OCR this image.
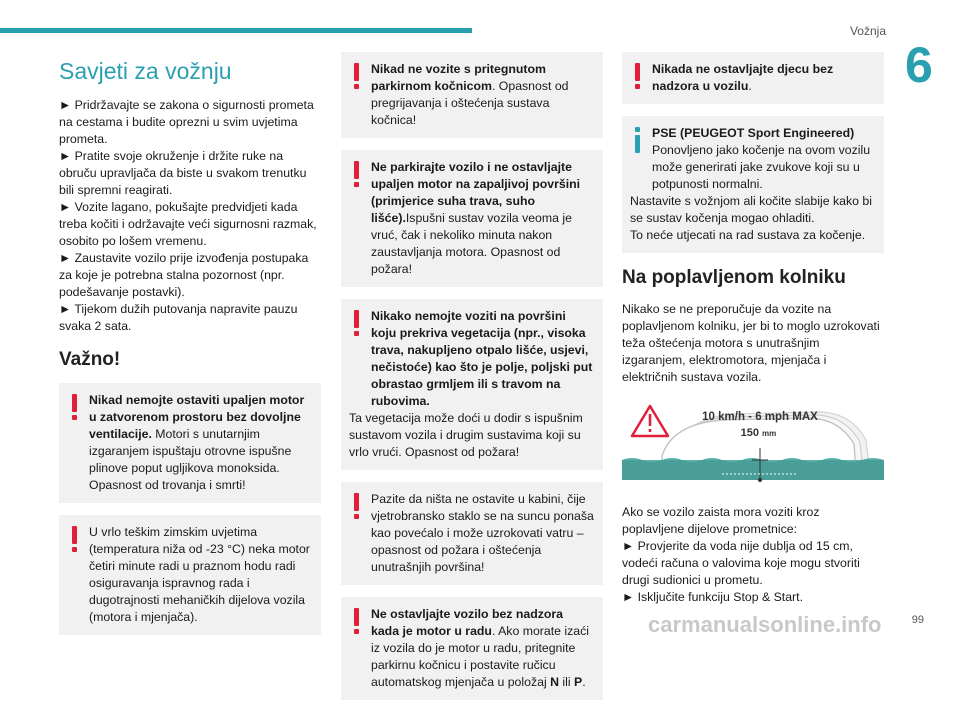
Vožnja
6
Savjeti za vožnju

► Pridržavajte se zakona o sigurnosti prometa na cestama i budite oprezni u svim uvjetima prometa.

► Pratite svoje okruženje i držite ruke na obruču upravljača da biste u svakom trenutku bili spremni reagirati.

► Vozite lagano, pokušajte predvidjeti kada treba kočiti i održavajte veći sigurnosni razmak, osobito po lošem vremenu.

► Zaustavite vozilo prije izvođenja postupaka za koje je potrebna stalna pozornost (npr. podešavanje postavki).

► Tijekom dužih putovanja napravite pauzu svaka 2 sata.

Važno!

Nikad nemojte ostaviti upaljen motor u zatvorenom prostoru bez dovoljne ventilacije. Motori s unutarnjim izgaranjem ispuštaju otrovne ispušne plinove poput ugljikova monoksida. Opasnost od trovanja i smrti!

U vrlo teškim zimskim uvjetima (temperatura niža od -23 °C) neka motor četiri minute radi u praznom hodu radi osiguravanja ispravnog rada i dugotrajnosti mehaničkih dijelova vozila (motora i mjenjača).

Nikad ne vozite s pritegnutom parkirnom kočnicom. Opasnost od pregrijavanja i oštećenja sustava kočnica!

Ne parkirajte vozilo i ne ostavljajte upaljen motor na zapaljivoj površini (primjerice suha trava, suho lišće).Ispušni sustav vozila veoma je vruć, čak i nekoliko minuta nakon zaustavljanja motora. Opasnost od požara!

Nikako nemojte voziti na površini koju prekriva vegetacija (npr., visoka trava, nakupljeno otpalo lišće, usjevi, nečistoće) kao što je polje, poljski put obrastao grmljem ili s travom na rubovima.
Ta vegetacija može doći u dodir s ispušnim sustavom vozila i drugim sustavima koji su vrlo vrući. Opasnost od požara!

Pazite da ništa ne ostavite u kabini, čije vjetrobransko staklo se na suncu ponaša kao povećalo i može uzrokovati vatru – opasnost od požara i oštećenja unutrašnjih površina!

Ne ostavljajte vozilo bez nadzora kada je motor u radu. Ako morate izaći iz vozila do je motor u radu, pritegnite parkirnu kočnicu i postavite ručicu automatskog mjenjača u položaj N ili P.

Nikada ne ostavljajte djecu bez nadzora u vozilu.

PSE (PEUGEOT Sport Engineered)
Ponovljeno jako kočenje na ovom vozilu može generirati jake zvukove koji su u potpunosti normalni.
Nastavite s vožnjom ali kočite slabije kako bi se sustav kočenja mogao ohladiti.
To neće utjecati na rad sustava za kočenje.

Na poplavljenom kolniku

Nikako se ne preporučuje da vozite na poplavljenom kolniku, jer bi to moglo uzrokovati teža oštećenja motora s unutrašnjim izgaranjem, elektromotora, mjenjača i električnih sustava vozila.

10 km/h - 6 mph MAX
150 mm

Ako se vozilo zaista mora voziti kroz poplavljene dijelove prometnice:

► Provjerite da voda nije dublja od 15 cm, vodeći računa o valovima koje mogu stvoriti drugi sudionici u prometu.

► Isključite funkciju Stop & Start.

carmanualsonline.info	99
